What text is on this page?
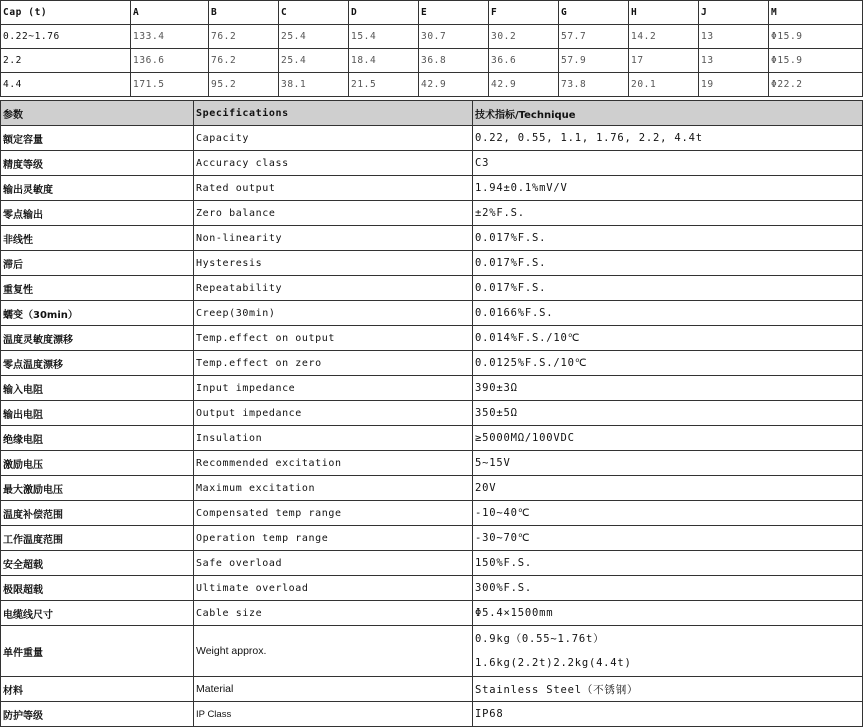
Cap (t)	A	B	C	D	E	F	G	H	J	M
0.22~1.76	133.4	76.2	25.4	15.4	30.7	30.2	57.7	14.2	13	Φ15.9
2.2	136.6	76.2	25.4	18.4	36.8	36.6	57.9	17	13	Φ15.9
4.4	171.5	95.2	38.1	21.5	42.9	42.9	73.8	20.1	19	Φ22.2
参数	Specifications	技术指标/Technique
额定容量	Capacity	0.22, 0.55, 1.1, 1.76, 2.2, 4.4t
精度等级	Accuracy class	C3
输出灵敏度	Rated output	1.94±0.1%mV/V
零点输出	Zero balance	±2%F.S.
非线性	Non-linearity	0.017%F.S.
滞后	Hysteresis	0.017%F.S.
重复性	Repeatability	0.017%F.S.
蠕变（30min）	Creep(30min)	0.0166%F.S.
温度灵敏度漂移	Temp.effect on output	0.014%F.S./10℃
零点温度漂移	Temp.effect on zero	0.0125%F.S./10℃
输入电阻	Input impedance	390±3Ω
输出电阻	Output impedance	350±5Ω
绝缘电阻	Insulation	≥5000MΩ/100VDC
激励电压	Recommended excitation	5~15V
最大激励电压	Maximum excitation	20V
温度补偿范围	Compensated temp range	-10~40℃
工作温度范围	Operation temp range	-30~70℃
安全超载	Safe overload	150%F.S.
极限超载	Ultimate overload	300%F.S.
电缆线尺寸	Cable size	Φ5.4×1500mm
单件重量	Weight approx.	0.9kg（0.55~1.76t）
1.6kg(2.2t)2.2kg(4.4t)

材料	Material	Stainless Steel（不锈钢）
防护等级	IP Class	IP68
